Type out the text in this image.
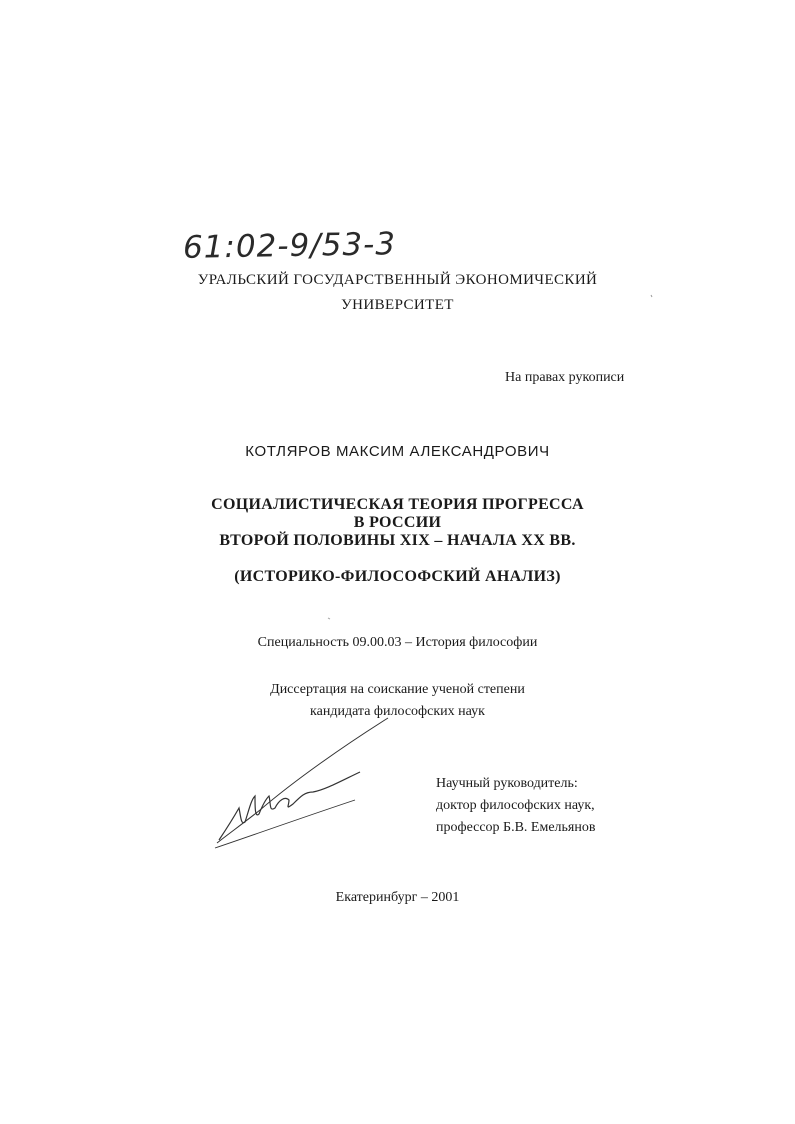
61:02-9/53-3
УРАЛЬСКИЙ ГОСУДАРСТВЕННЫЙ ЭКОНОМИЧЕСКИЙ
УНИВЕРСИТЕТ
На правах рукописи
КОТЛЯРОВ МАКСИМ АЛЕКСАНДРОВИЧ
СОЦИАЛИСТИЧЕСКАЯ ТЕОРИЯ ПРОГРЕССА
В РОССИИ
ВТОРОЙ ПОЛОВИНЫ XIX – НАЧАЛА XX ВВ.
(ИСТОРИКО-ФИЛОСОФСКИЙ АНАЛИЗ)
Специальность 09.00.03 – История философии
Диссертация на соискание ученой степени
кандидата философских наук
Научный руководитель:
доктор философских наук,
профессор Б.В. Емельянов
Екатеринбург – 2001
